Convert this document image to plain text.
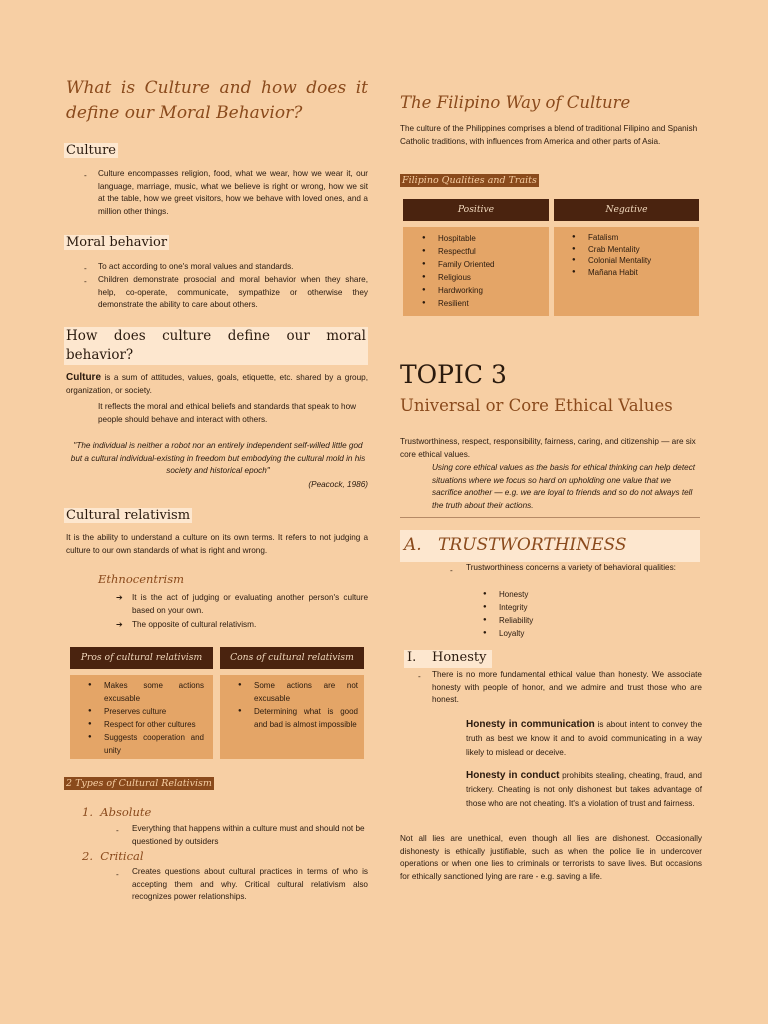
What is Culture and how does it define our Moral Behavior?
Culture
- Culture encompasses religion, food, what we wear, how we wear it, our language, marriage, music, what we believe is right or wrong, how we sit at the table, how we greet visitors, how we behave with loved ones, and a million other things.
Moral behavior
- To act according to one's moral values and standards.
- Children demonstrate prosocial and moral behavior when they share, help, co-operate, communicate, sympathize or otherwise they demonstrate the ability to care about others.
How does culture define our moral behavior?
Culture is a sum of attitudes, values, goals, etiquette, etc. shared by a group, organization, or society.
It reflects the moral and ethical beliefs and standards that speak to how people should behave and interact with others.
"The individual is neither a robot nor an entirely independent self-willed little god but a cultural individual-existing in freedom but embodying the cultural mold in his society and historical epoch"
(Peacock, 1986)
Cultural relativism
It is the ability to understand a culture on its own terms. It refers to not judging a culture to our own standards of what is right and wrong.
Ethnocentrism
➔ It is the act of judging or evaluating another person's culture based on your own.
➔ The opposite of cultural relativism.
Pros of cultural relativism	Cons of cultural relativism
● Makes some actions excusable
● Preserves culture
● Respect for other cultures
● Suggests cooperation and unity
● Some actions are not excusable
● Determining what is good and bad is almost impossible
2 Types of Cultural Relativism
1. Absolute
- Everything that happens within a culture must and should not be questioned by outsiders
2. Critical
- Creates questions about cultural practices in terms of who is accepting them and why. Critical cultural relativism also recognizes power relationships.
The Filipino Way of Culture
The culture of the Philippines comprises a blend of traditional Filipino and Spanish Catholic traditions, with influences from America and other parts of Asia.
Filipino Qualities and Traits
Positive	Negative
● Hospitable
● Respectful
● Family Oriented
● Religious
● Hardworking
● Resilient
● Fatalism
● Crab Mentality
● Colonial Mentality
● Mañana Habit
TOPIC 3
Universal or Core Ethical Values
Trustworthiness, respect, responsibility, fairness, caring, and citizenship — are six core ethical values.
Using core ethical values as the basis for ethical thinking can help detect situations where we focus so hard on upholding one value that we sacrifice another — e.g. we are loyal to friends and so do not always tell the truth about their actions.
A. TRUSTWORTHINESS
- Trustworthiness concerns a variety of behavioral qualities:
● Honesty
● Integrity
● Reliability
● Loyalty
I. Honesty
- There is no more fundamental ethical value than honesty. We associate honesty with people of honor, and we admire and trust those who are honest.
Honesty in communication is about intent to convey the truth as best we know it and to avoid communicating in a way likely to mislead or deceive.
Honesty in conduct prohibits stealing, cheating, fraud, and trickery. Cheating is not only dishonest but takes advantage of those who are not cheating. It's a violation of trust and fairness.
Not all lies are unethical, even though all lies are dishonest. Occasionally dishonesty is ethically justifiable, such as when the police lie in undercover operations or when one lies to criminals or terrorists to save lives. But occasions for ethically sanctioned lying are rare - e.g. saving a life.
